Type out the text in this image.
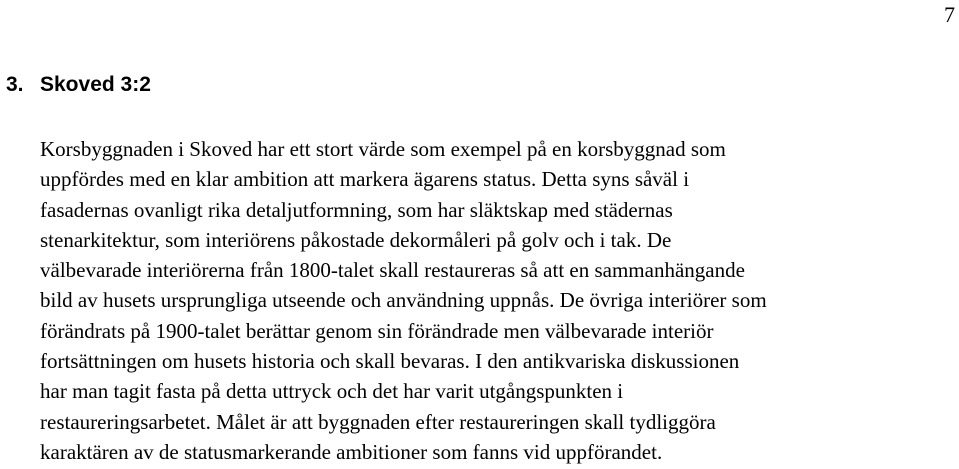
7
3. Skoved 3:2

Korsbyggnaden i Skoved har ett stort värde som exempel på en korsbyggnad som
uppfördes med en klar ambition att markera ägarens status. Detta syns såväl i
fasadernas ovanligt rika detaljutformning, som har släktskap med städernas
stenarkitektur, som interiörens påkostade dekormåleri på golv och i tak. De
välbevarade interiörerna från 1800-talet skall restaureras så att en sammanhängande
bild av husets ursprungliga utseende och användning uppnås. De övriga interiörer som
förändrats på 1900-talet berättar genom sin förändrade men välbevarade interiör
fortsättningen om husets historia och skall bevaras. I den antikvariska diskussionen
har man tagit fasta på detta uttryck och det har varit utgångspunkten i
restaureringsarbetet. Målet är att byggnaden efter restaureringen skall tydliggöra
karaktären av de statusmarkerande ambitioner som fanns vid uppförandet.
